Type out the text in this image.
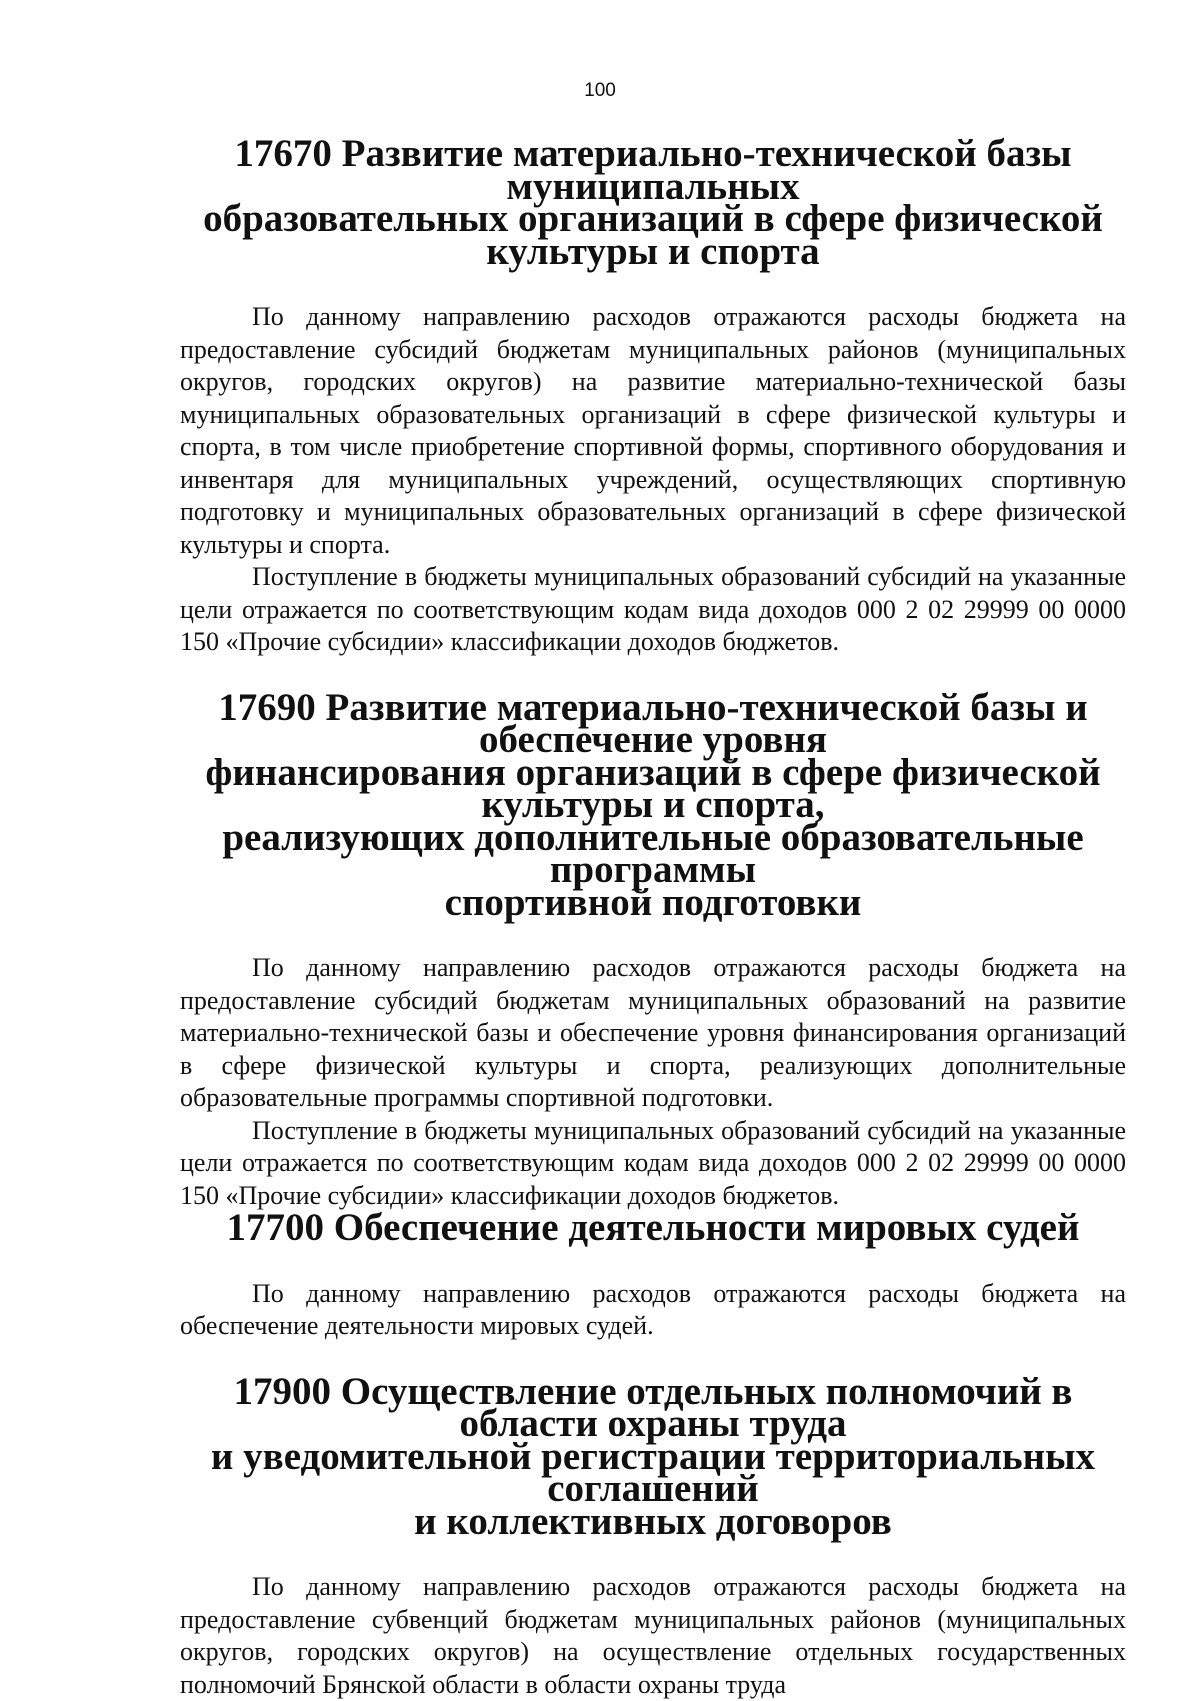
100
17670 Развитие материально-технической базы муниципальных
образовательных организаций в сфере физической культуры и спорта

По данному направлению расходов отражаются расходы бюджета на предоставление субсидий бюджетам муниципальных районов (муниципальных округов, городских округов) на развитие материально-технической базы муниципальных образовательных организаций в сфере физической культуры и спорта, в том числе приобретение спортивной формы, спортивного оборудования и инвентаря для муниципальных учреждений, осуществляющих спортивную подготовку и муниципальных образовательных организаций в сфере физической культуры и спорта.

Поступление в бюджеты муниципальных образований субсидий на указанные цели отражается по соответствующим кодам вида доходов 000 2 02 29999 00 0000 150 «Прочие субсидии» классификации доходов бюджетов.

17690 Развитие материально-технической базы и обеспечение уровня
финансирования организаций в сфере физической культуры и спорта,
реализующих дополнительные образовательные программы
спортивной подготовки

По данному направлению расходов отражаются расходы бюджета на предоставление субсидий бюджетам муниципальных образований на развитие материально-технической базы и обеспечение уровня финансирования организаций в сфере физической культуры и спорта, реализующих дополнительные образовательные программы спортивной подготовки.

Поступление в бюджеты муниципальных образований субсидий на указанные цели отражается по соответствующим кодам вида доходов 000 2 02 29999 00 0000 150 «Прочие субсидии» классификации доходов бюджетов.

17700 Обеспечение деятельности мировых судей

По данному направлению расходов отражаются расходы бюджета на обеспечение деятельности мировых судей.

17900 Осуществление отдельных полномочий в области охраны труда
и уведомительной регистрации территориальных соглашений
и коллективных договоров

По данному направлению расходов отражаются расходы бюджета на предоставление субвенций бюджетам муниципальных районов (муниципальных округов, городских округов) на осуществление отдельных государственных полномочий Брянской области в области охраны труда
